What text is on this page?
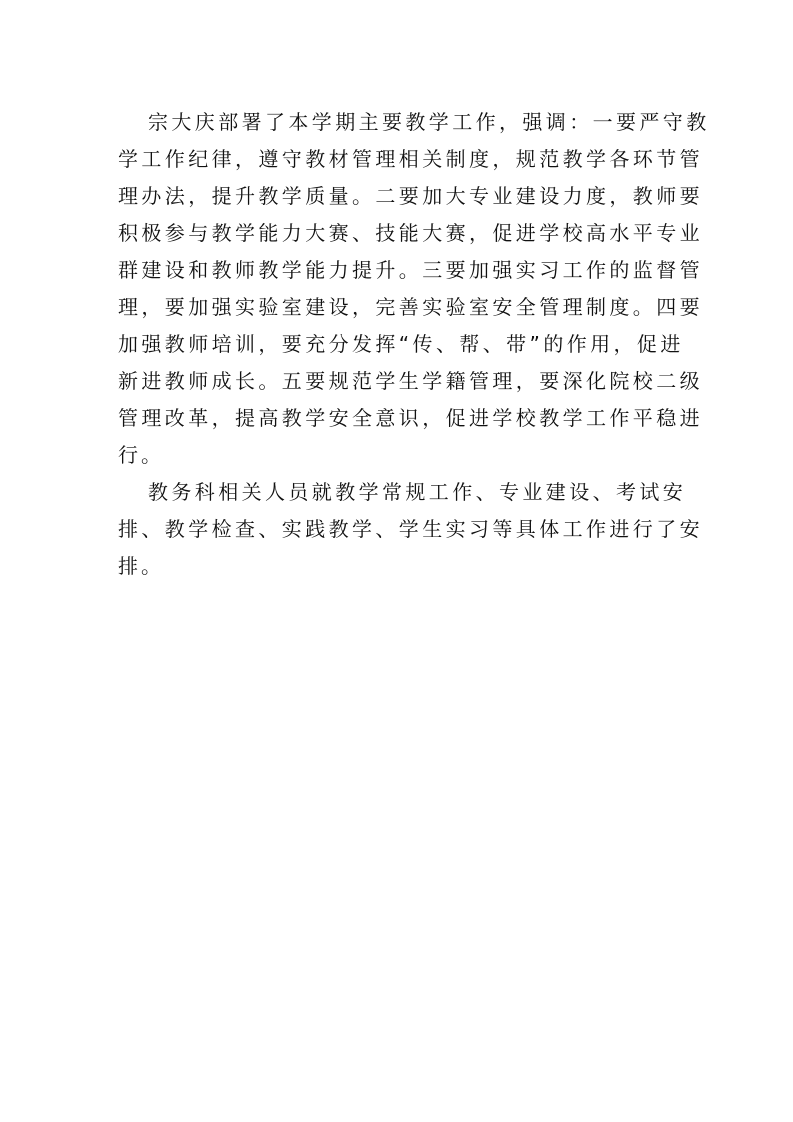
宗大庆部署了本学期主要教学工作，强调：一要严守教
学工作纪律，遵守教材管理相关制度，规范教学各环节管
理办法，提升教学质量。二要加大专业建设力度，教师要
积极参与教学能力大赛、技能大赛，促进学校高水平专业
群建设和教师教学能力提升。三要加强实习工作的监督管
理，要加强实验室建设，完善实验室安全管理制度。四要
加强教师培训，要充分发挥“传、帮、带”的作用，促进
新进教师成长。五要规范学生学籍管理，要深化院校二级
管理改革，提高教学安全意识，促进学校教学工作平稳进
行。
教务科相关人员就教学常规工作、专业建设、考试安
排、教学检查、实践教学、学生实习等具体工作进行了安
排。
